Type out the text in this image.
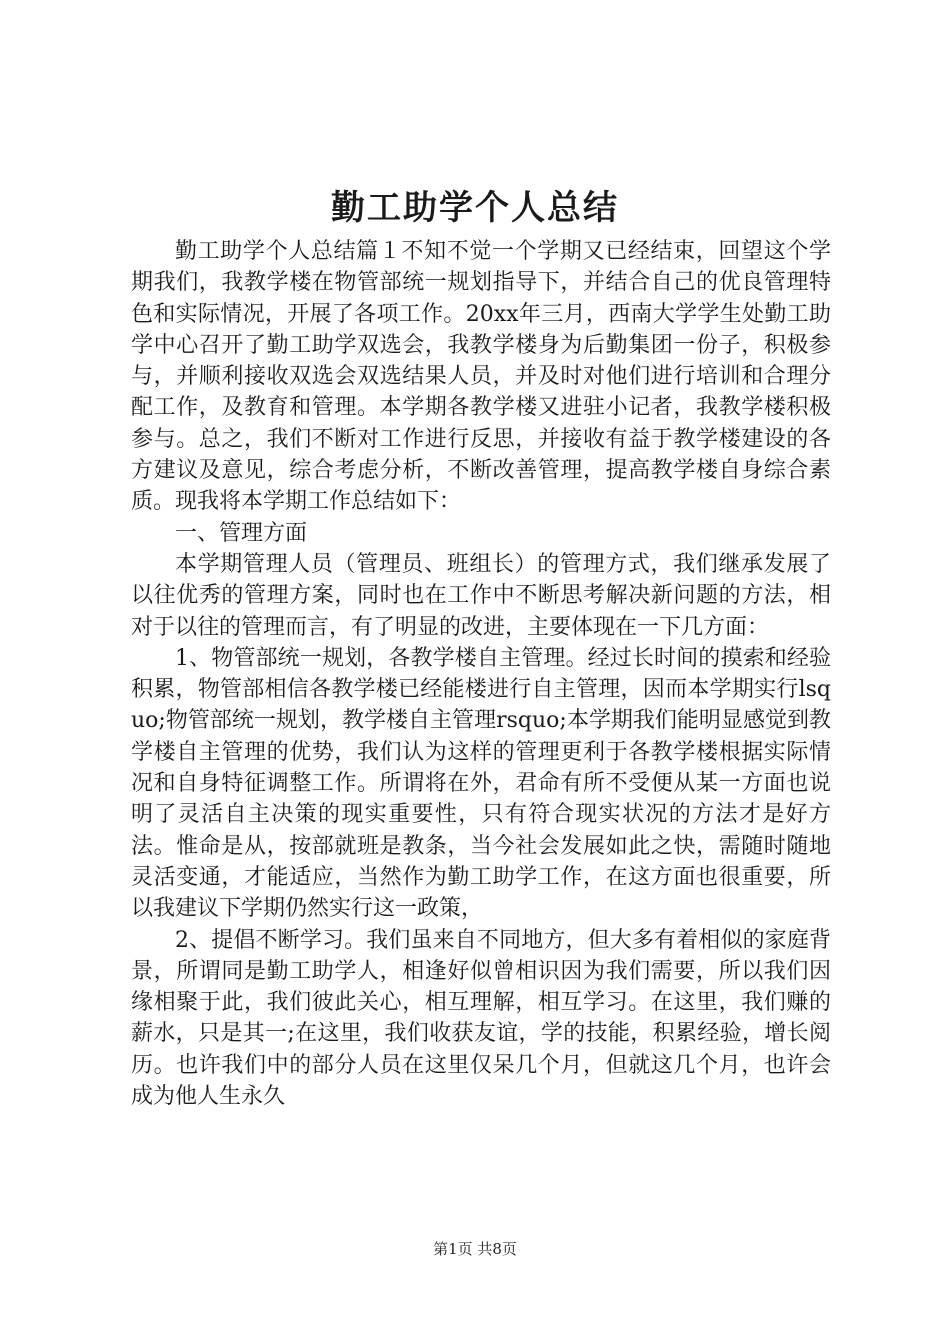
勤工助学个人总结

勤工助学个人总结篇１不知不觉一个学期又已经结束，回望这个学期我们，我教学楼在物管部统一规划指导下，并结合自己的优良管理特色和实际情况，开展了各项工作。20xx年三月，西南大学学生处勤工助学中心召开了勤工助学双选会，我教学楼身为后勤集团一份子，积极参与，并顺利接收双选会双选结果人员，并及时对他们进行培训和合理分配工作，及教育和管理。本学期各教学楼又进驻小记者，我教学楼积极参与。总之，我们不断对工作进行反思，并接收有益于教学楼建设的各方建议及意见，综合考虑分析，不断改善管理，提高教学楼自身综合素质。现我将本学期工作总结如下：

一、管理方面

本学期管理人员（管理员、班组长）的管理方式，我们继承发展了以往优秀的管理方案，同时也在工作中不断思考解决新问题的方法，相对于以往的管理而言，有了明显的改进，主要体现在一下几方面：

1、物管部统一规划，各教学楼自主管理。经过长时间的摸索和经验积累，物管部相信各教学楼已经能楼进行自主管理，因而本学期实行lsquo;物管部统一规划，教学楼自主管理rsquo;本学期我们能明显感觉到教学楼自主管理的优势，我们认为这样的管理更利于各教学楼根据实际情况和自身特征调整工作。所谓将在外，君命有所不受便从某一方面也说明了灵活自主决策的现实重要性，只有符合现实状况的方法才是好方法。惟命是从，按部就班是教条，当今社会发展如此之快，需随时随地灵活变通，才能适应，当然作为勤工助学工作，在这方面也很重要，所以我建议下学期仍然实行这一政策，

2、提倡不断学习。我们虽来自不同地方，但大多有着相似的家庭背景，所谓同是勤工助学人，相逢好似曾相识因为我们需要，所以我们因缘相聚于此，我们彼此关心，相互理解，相互学习。在这里，我们赚的薪水，只是其一;在这里，我们收获友谊，学的技能，积累经验，增长阅历。也许我们中的部分人员在这里仅呆几个月，但就这几个月，也许会成为他人生永久

第1页 共8页
